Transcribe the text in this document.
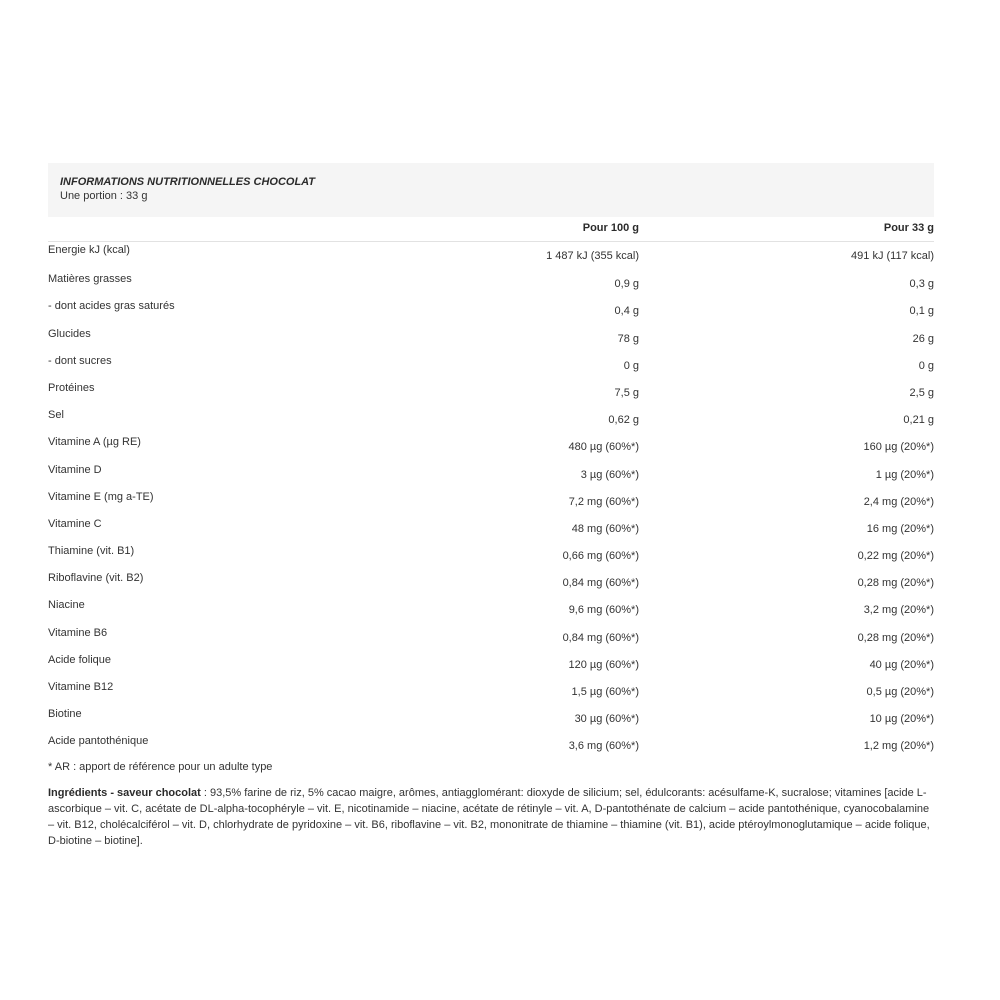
INFORMATIONS NUTRITIONNELLES CHOCOLAT
Une portion : 33 g
Pour 100 g	Pour 33 g
Energie kJ (kcal)	1 487 kJ (355 kcal)	491 kJ (117 kcal)
Matières grasses	0,9 g	0,3 g
- dont acides gras saturés	0,4 g	0,1 g
Glucides	78 g	26 g
- dont sucres	0 g	0 g
Protéines	7,5 g	2,5 g
Sel	0,62 g	0,21 g
Vitamine A (µg RE)	480 µg (60%*)	160 µg (20%*)
Vitamine D	3 µg (60%*)	1 µg (20%*)
Vitamine E (mg a-TE)	7,2 mg (60%*)	2,4 mg (20%*)
Vitamine C	48 mg (60%*)	16 mg (20%*)
Thiamine (vit. B1)	0,66 mg (60%*)	0,22 mg (20%*)
Riboflavine (vit. B2)	0,84 mg (60%*)	0,28 mg (20%*)
Niacine	9,6 mg (60%*)	3,2 mg (20%*)
Vitamine B6	0,84 mg (60%*)	0,28 mg (20%*)
Acide folique	120 µg (60%*)	40 µg (20%*)
Vitamine B12	1,5 µg (60%*)	0,5 µg (20%*)
Biotine	30 µg (60%*)	10 µg (20%*)
Acide pantothénique	3,6 mg (60%*)	1,2 mg (20%*)
* AR : apport de référence pour un adulte type
Ingrédients - saveur chocolat : 93,5% farine de riz, 5% cacao maigre, arômes, antiagglomérant: dioxyde de silicium; sel, édulcorants: acésulfame-K, sucralose; vitamines [acide L-ascorbique – vit. C, acétate de DL-alpha-tocophéryle – vit. E, nicotinamide – niacine, acétate de rétinyle – vit. A, D-pantothénate de calcium – acide pantothénique, cyanocobalamine – vit. B12, cholécalciférol – vit. D, chlorhydrate de pyridoxine – vit. B6, riboflavine – vit. B2, mononitrate de thiamine – thiamine (vit. B1), acide ptéroylmonoglutamique – acide folique, D-biotine – biotine].
